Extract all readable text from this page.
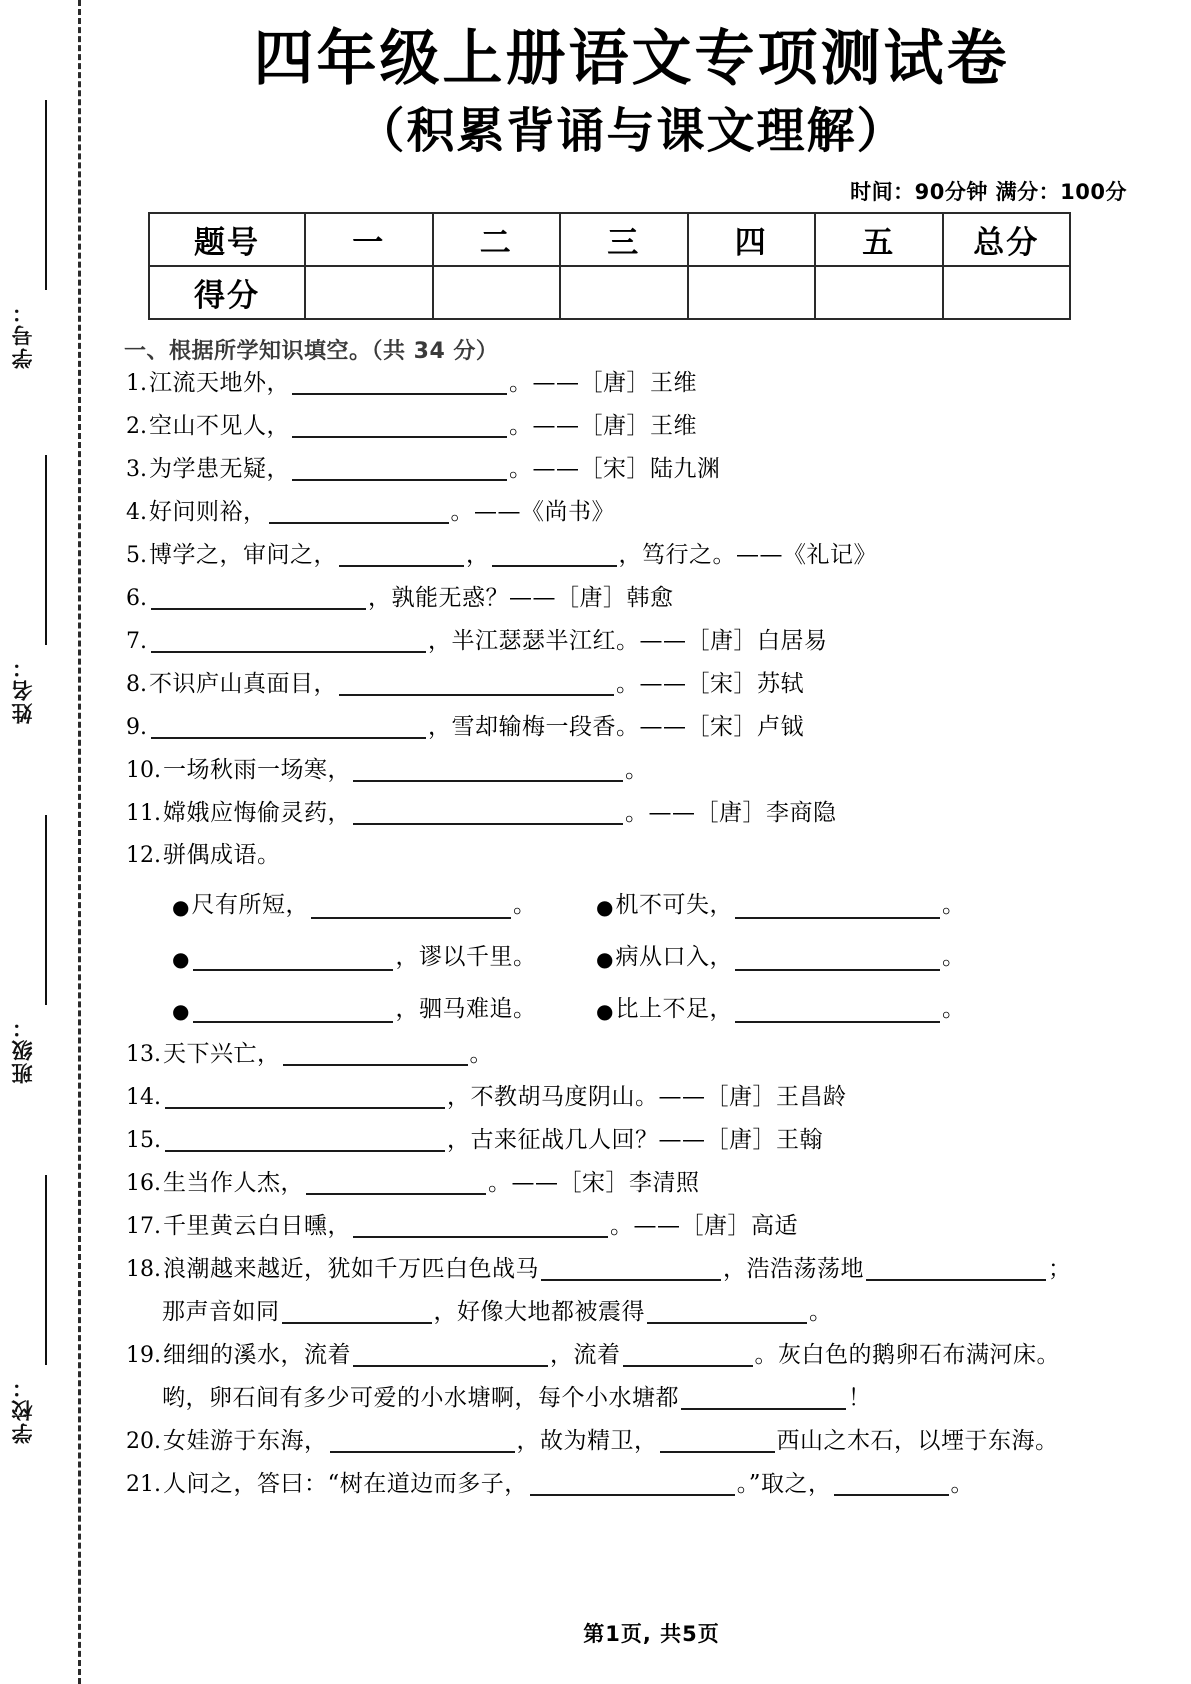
学号：
姓名：
班级：
学校：
四年级上册语文专项测试卷
（积累背诵与课文理解）
时间：90分钟 满分：100分
题号	一	二	三	四	五	总分
得分						
一、根据所学知识填空。（共 34 分）
1. 江流天地外，	。——［唐］王维
2. 空山不见人，	。——［唐］王维
3. 为学患无疑，	。——［宋］陆九渊
4. 好问则裕，	。——《尚书》
5. 博学之，审问之，	，	，笃行之。——《礼记》
6.	，孰能无惑？——［唐］韩愈
7.	，半江瑟瑟半江红。——［唐］白居易
8. 不识庐山真面目，	。——［宋］苏轼
9.	，雪却输梅一段香。——［宋］卢钺
10. 一场秋雨一场寒，	。
11. 嫦娥应悔偷灵药，	。——［唐］李商隐
12. 骈偶成语。
● 尺有所短，	。	● 机不可失，	。
●	，谬以千里。	● 病从口入，	。
●	，驷马难追。	● 比上不足，	。
13. 天下兴亡，	。
14.	，不教胡马度阴山。——［唐］王昌龄
15.	，古来征战几人回？——［唐］王翰
16. 生当作人杰，	。——［宋］李清照
17. 千里黄云白日曛，	。——［唐］高适
18. 浪潮越来越近，犹如千万匹白色战马	，浩浩荡荡地	；
那声音如同	，好像大地都被震得	。
19. 细细的溪水，流着	，流着	。灰白色的鹅卵石布满河床。
哟，卵石间有多少可爱的小水塘啊，每个小水塘都	！
20. 女娃游于东海，	，故为精卫，	西山之木石，以堙于东海。
21. 人问之，答曰：“树在道边而多子，	。”取之，	。
第1页, 共5页
